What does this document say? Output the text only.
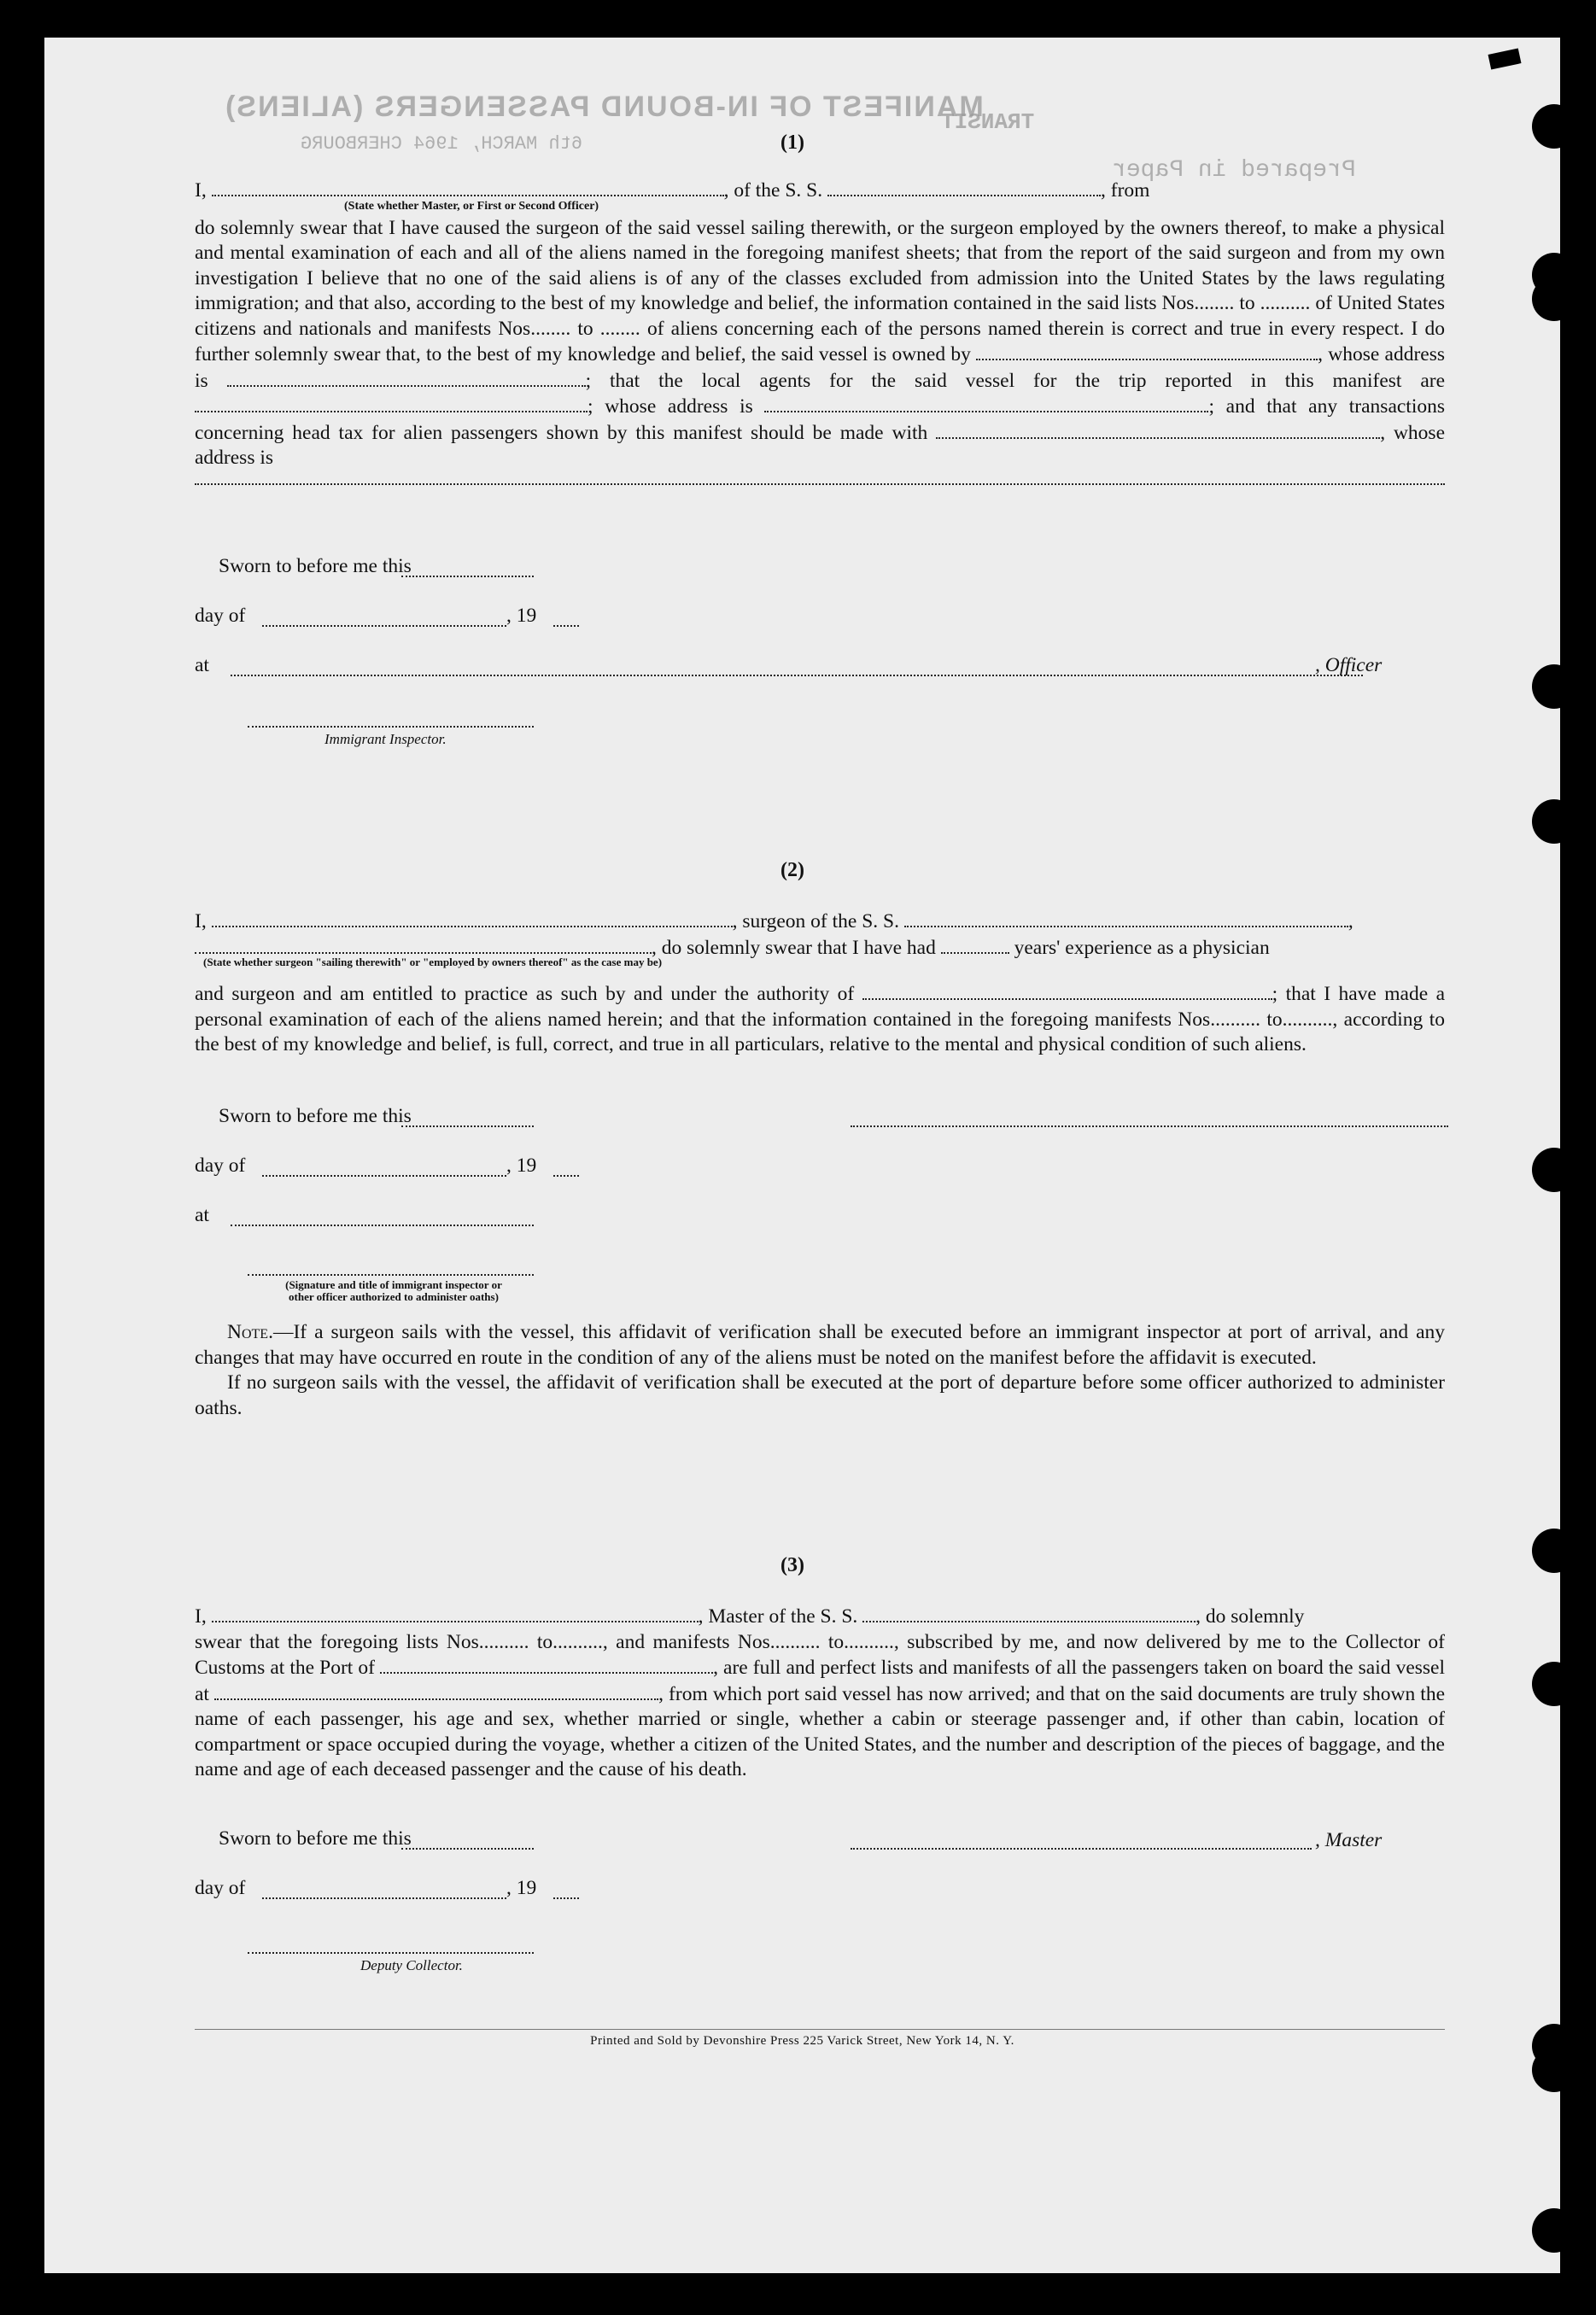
MANIFEST OF IN-BOUND PASSENGERS (ALIENS)
6th MARCH, 1964 CHERBOURG
Prepared in Paper
TRANSIT
(1)

I,	, of the S. S.	, from

(State whether Master, or First or Second Officer)

do solemnly swear that I have caused the surgeon of the said vessel sailing therewith, or the surgeon employed by the owners thereof, to make a physical and mental examination of each and all of the aliens named in the foregoing manifest sheets; that from the report of the said surgeon and from my own investigation I believe that no one of the said aliens is of any of the classes excluded from admission into the United States by the laws regulating immigration; and that also, according to the best of my knowledge and belief, the information contained in the said lists Nos........ to .......... of United States citizens and nationals and manifests Nos........ to ........ of aliens concerning each of the persons named therein is correct and true in every respect. I do further solemnly swear that, to the best of my knowledge and belief, the said vessel is owned by	, whose address is	; that the local agents for the said vessel for the trip reported in this manifest are ; whose address is	; and that any transactions concerning head tax for alien passengers shown by this manifest should be made with	, whose address is

Sworn to before me this
day of	, 19
at	, Officer
Immigrant Inspector.
(2)

I,	, surgeon of the S. S.	,

, do solemnly swear that I have had	years' experience as a physician

(State whether surgeon "sailing therewith" or "employed by owners thereof" as the case may be)

and surgeon and am entitled to practice as such by and under the authority of	; that I have made a personal examination of each of the aliens named herein; and that the information contained in the foregoing manifests Nos.......... to.........., according to the best of my knowledge and belief, is full, correct, and true in all particulars, relative to the mental and physical condition of such aliens.

Sworn to before me this
day of	, 19
at
(Signature and title of immigrant inspector or
other officer authorized to administer oaths)

Note.—If a surgeon sails with the vessel, this affidavit of verification shall be executed before an immigrant inspector at port of arrival, and any changes that may have occurred en route in the condition of any of the aliens must be noted on the manifest before the affidavit is executed.

If no surgeon sails with the vessel, the affidavit of verification shall be executed at the port of departure before some officer authorized to administer oaths.

(3)

I,	, Master of the S. S.	, do solemnly

swear that the foregoing lists Nos.......... to.........., and manifests Nos.......... to.........., subscribed by me, and now delivered by me to the Collector of Customs at the Port of	, are full and perfect lists and manifests of all the passengers taken on board the said vessel at	, from which port said vessel has now arrived; and that on the said documents are truly shown the name of each passenger, his age and sex, whether married or single, whether a cabin or steerage passenger and, if other than cabin, location of compartment or space occupied during the voyage, whether a citizen of the United States, and the number and description of the pieces of baggage, and the name and age of each deceased passenger and the cause of his death.

Sworn to before me this	, Master
day of	, 19
Deputy Collector.
Printed and Sold by Devonshire Press 225 Varick Street, New York 14, N. Y.
